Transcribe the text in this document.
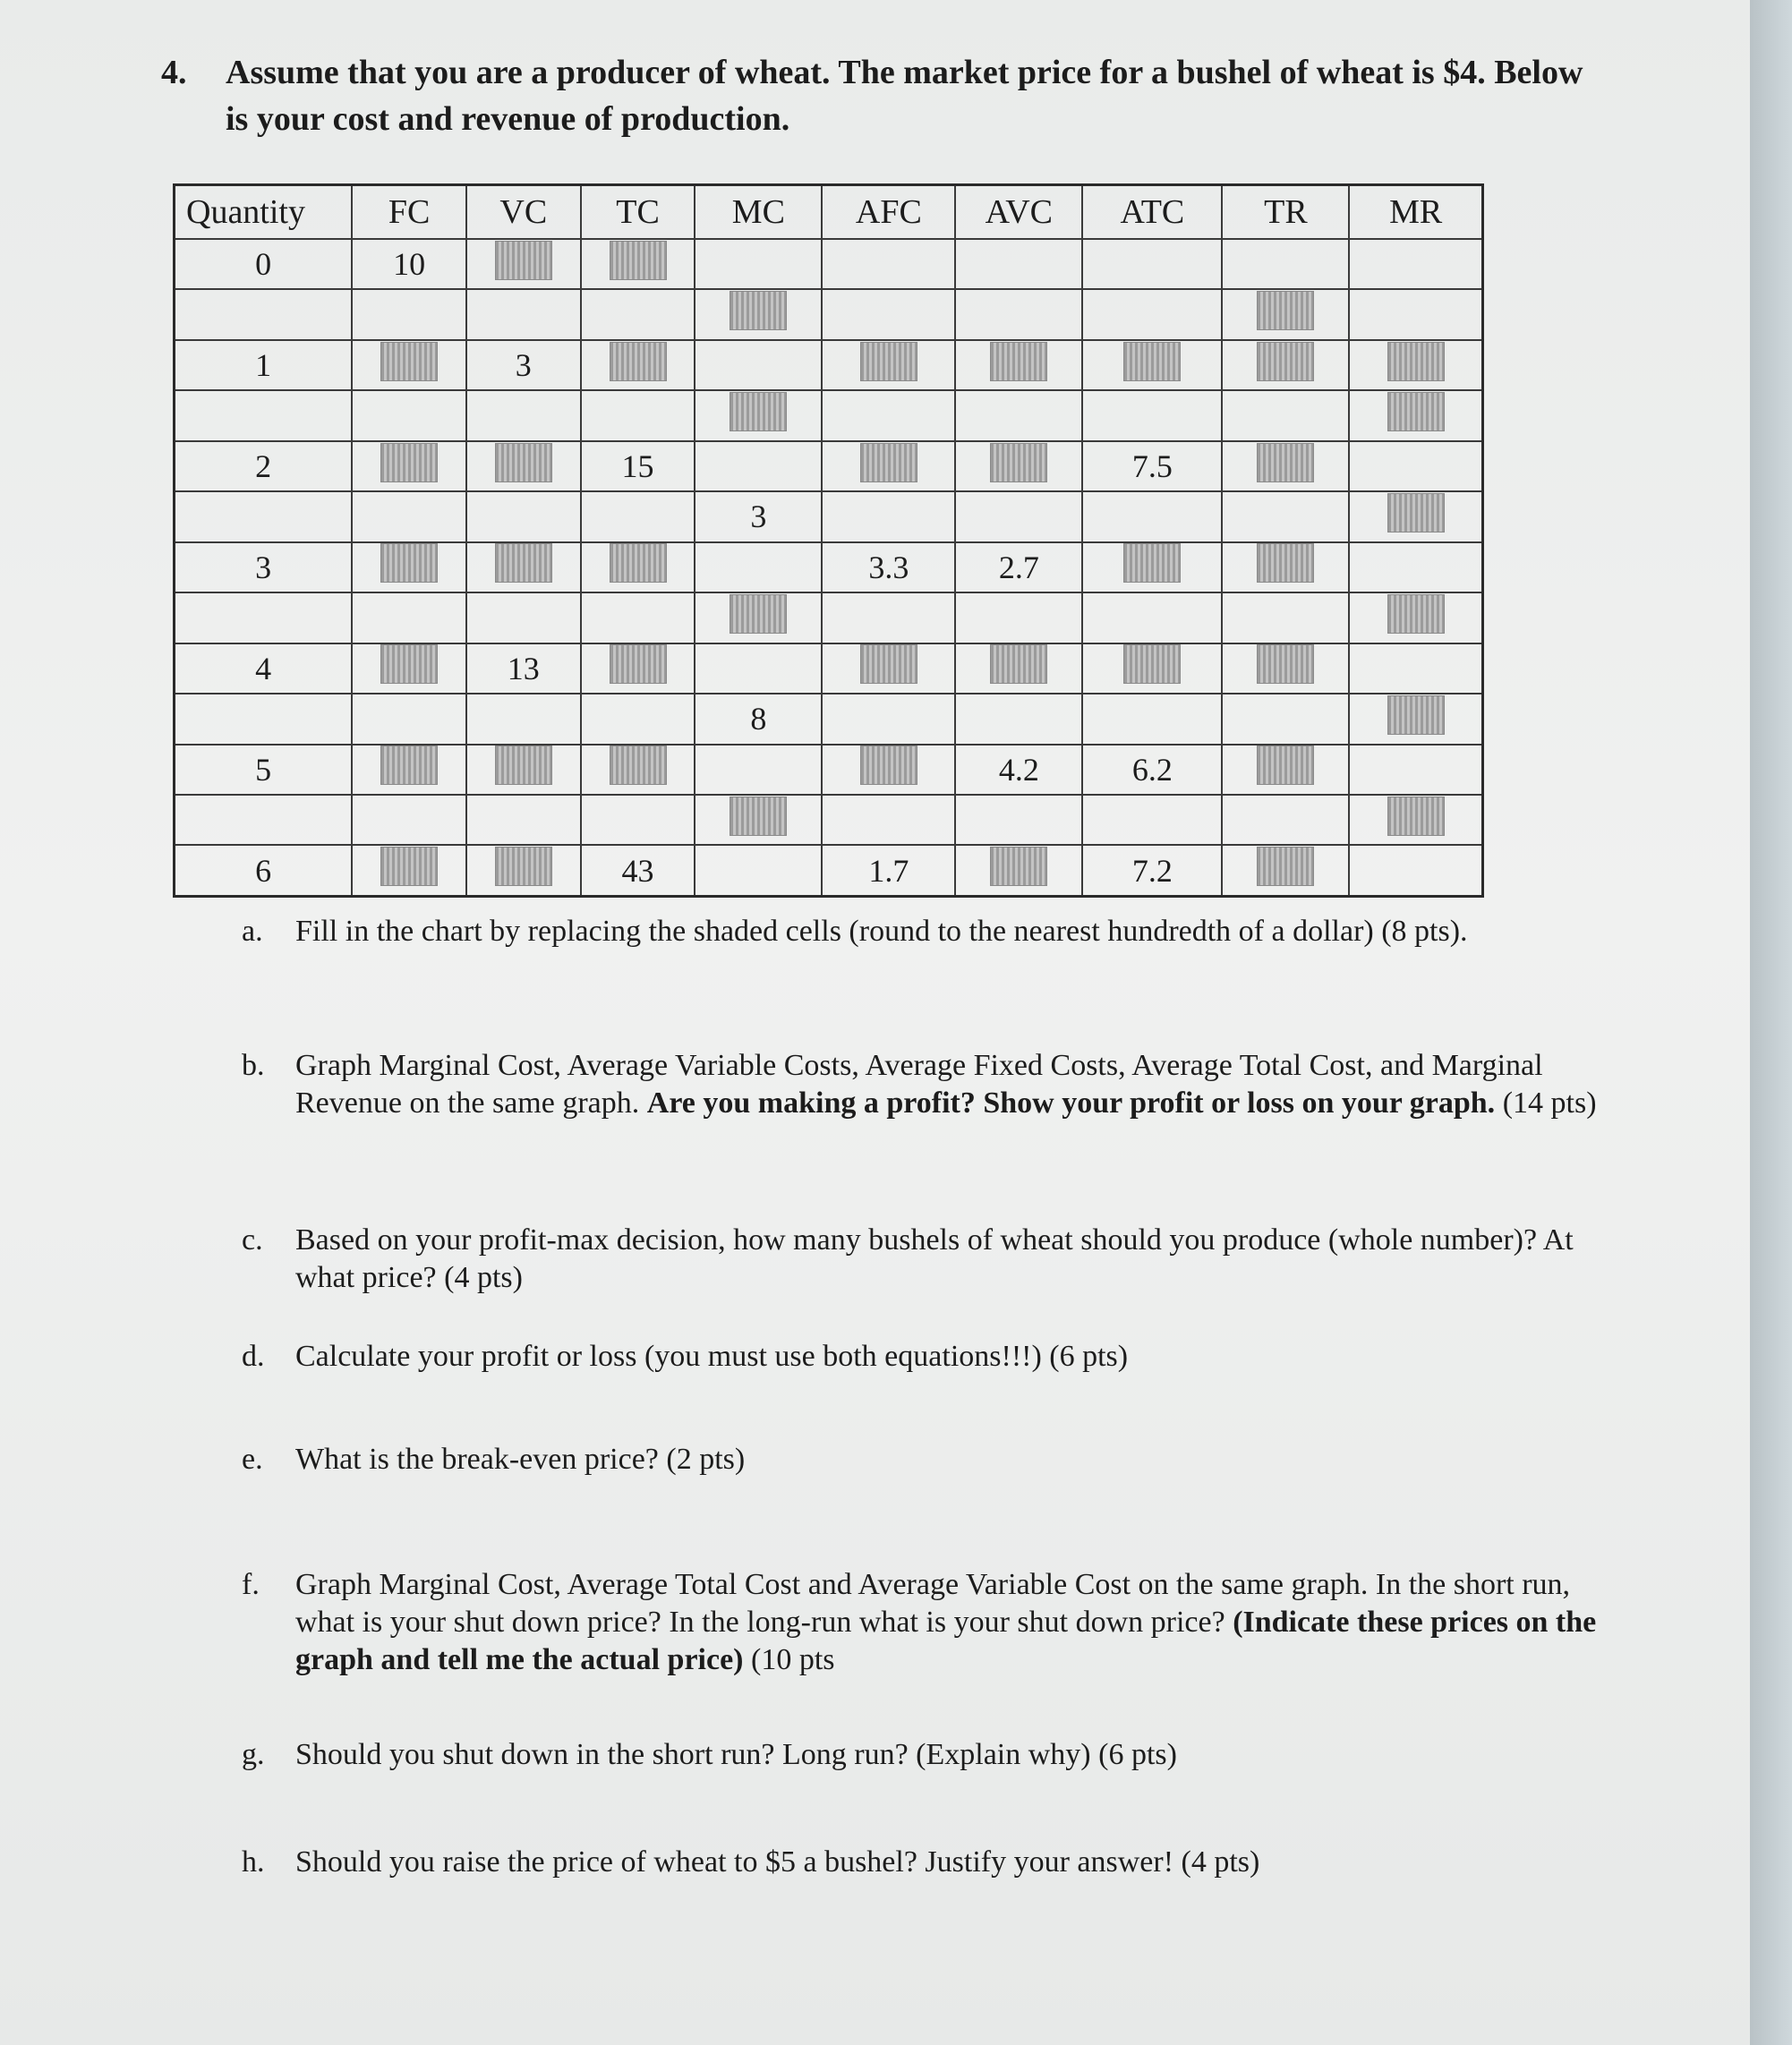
4. Assume that you are a producer of wheat. The market price for a bushel of wheat is $4. Below is your cost and revenue of production.
Quantity	FC	VC	TC	MC	AFC	AVC	ATC	TR	MR
0	10								

1		3							

2			15				7.5		
				3					
3					3.3	2.7			

4		13							
				8					
5						4.2	6.2		

6			43		1.7		7.2		
a. Fill in the chart by replacing the shaded cells (round to the nearest hundredth of a dollar) (8 pts).
b. Graph Marginal Cost, Average Variable Costs, Average Fixed Costs, Average Total Cost, and Marginal Revenue on the same graph. Are you making a profit? Show your profit or loss on your graph. (14 pts)
c. Based on your profit-max decision, how many bushels of wheat should you produce (whole number)? At what price? (4 pts)
d. Calculate your profit or loss (you must use both equations!!!) (6 pts)
e. What is the break-even price? (2 pts)
f. Graph Marginal Cost, Average Total Cost and Average Variable Cost on the same graph. In the short run, what is your shut down price? In the long-run what is your shut down price? (Indicate these prices on the graph and tell me the actual price) (10 pts
g. Should you shut down in the short run? Long run? (Explain why) (6 pts)
h. Should you raise the price of wheat to $5 a bushel? Justify your answer! (4 pts)
